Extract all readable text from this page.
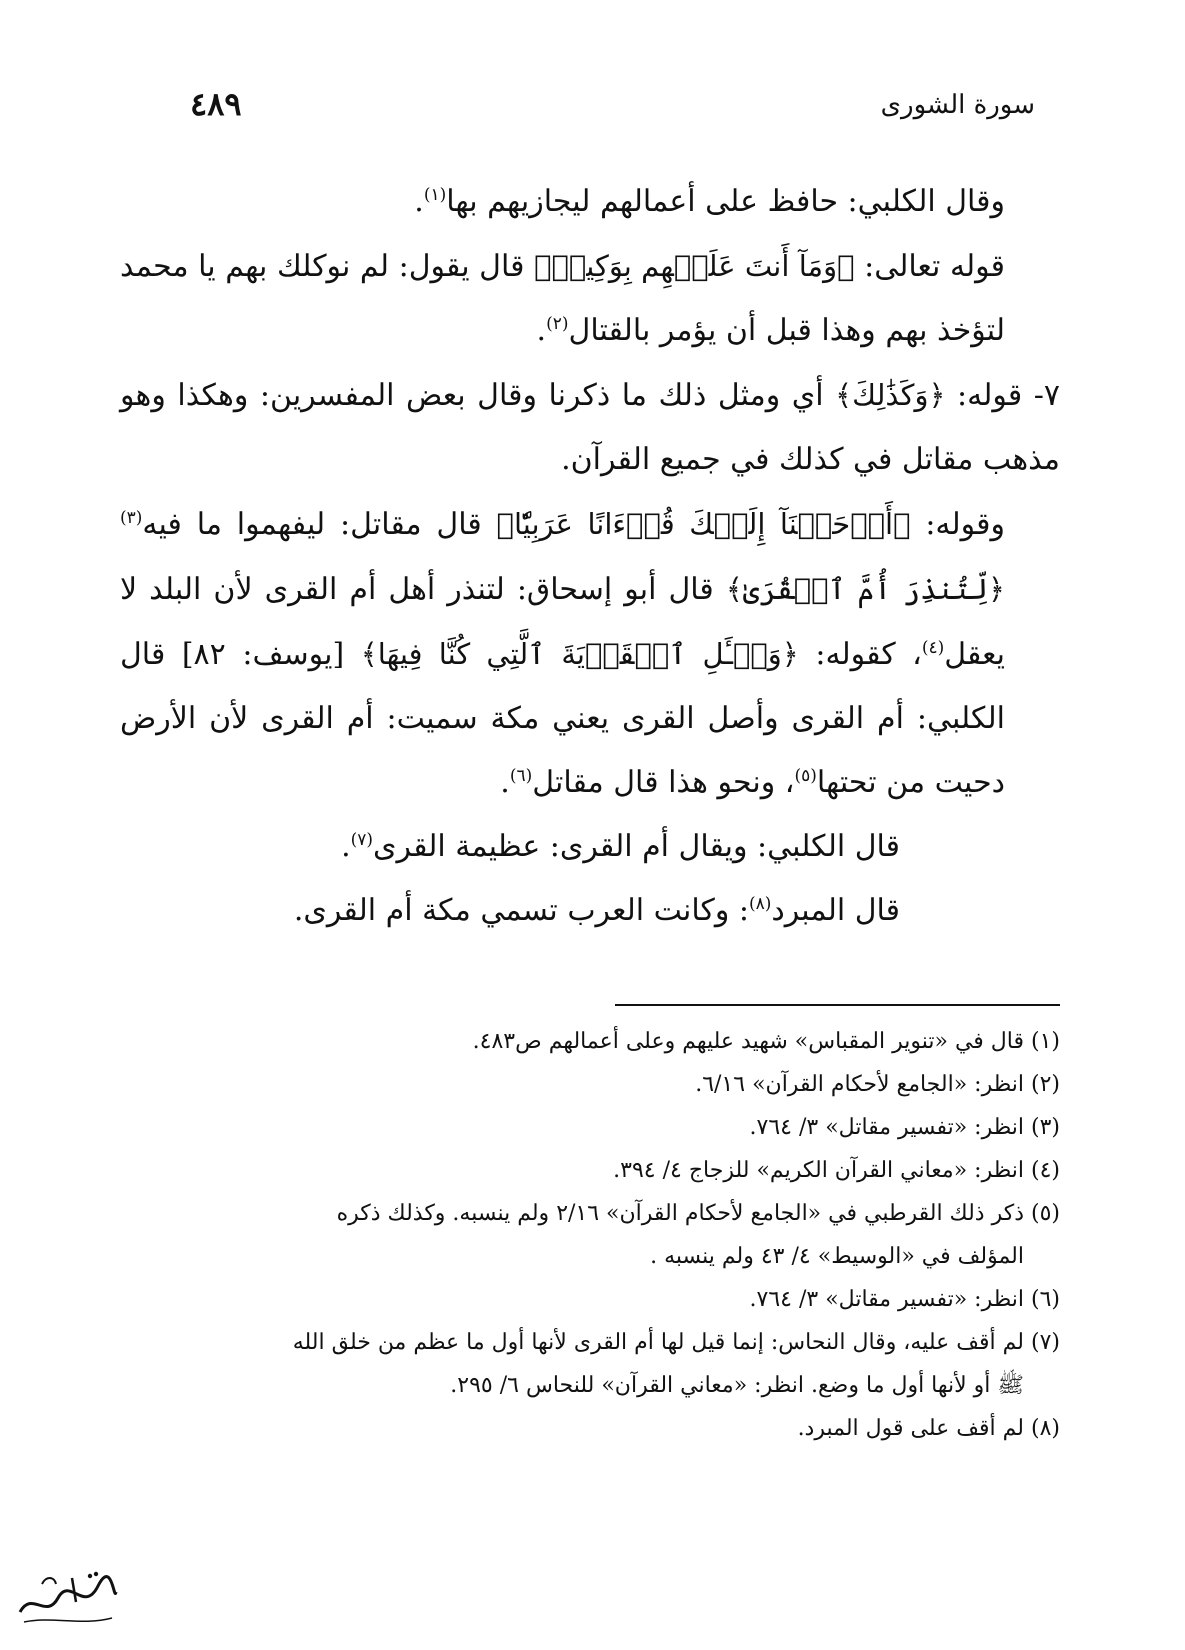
سورة الشورى
٤٨٩

وقال الكلبي: حافظ على أعمالهم ليجازيهم بها$^{(١)}$.

قوله تعالى: ﴿وَمَآ أَنتَ عَلَيۡهِم بِوَكِيلٖ﴾ قال يقول: لم نوكلك بهم يا محمد لتؤخذ بهم وهذا قبل أن يؤمر بالقتال$^{(٢)}$.

٧- قوله: ﴿وَكَذَٰلِكَ﴾ أي ومثل ذلك ما ذكرنا وقال بعض المفسرين: وهكذا وهو مذهب مقاتل في كذلك في جميع القرآن.

وقوله: ﴿أَوۡحَيۡنَآ إِلَيۡكَ قُرۡءَانًا عَرَبِيّٗا﴾ قال مقاتل: ليفهموا ما فيه$^{(٣)}$ ﴿لِّتُنذِرَ أُمَّ ٱلۡقُرَىٰ﴾ قال أبو إسحاق: لتنذر أهل أم القرى لأن البلد لا يعقل$^{(٤)}$، كقوله: ﴿وَسۡـَٔلِ ٱلۡقَرۡيَةَ ٱلَّتِي كُنَّا فِيهَا﴾ [يوسف: ٨٢] قال الكلبي: أم القرى وأصل القرى يعني مكة سميت: أم القرى لأن الأرض دحيت من تحتها$^{(٥)}$، ونحو هذا قال مقاتل$^{(٦)}$.

قال الكلبي: ويقال أم القرى: عظيمة القرى$^{(٧)}$.

قال المبرد$^{(٨)}$: وكانت العرب تسمي مكة أم القرى.

(١) قال في «تنوير المقباس» شهيد عليهم وعلى أعمالهم ص٤٨٣.

(٢) انظر: «الجامع لأحكام القرآن» ٦/١٦.

(٣) انظر: «تفسير مقاتل» ٣/ ٧٦٤.

(٤) انظر: «معاني القرآن الكريم» للزجاج ٤/ ٣٩٤.

(٥) ذكر ذلك القرطبي في «الجامع لأحكام القرآن» ٢/١٦ ولم ينسبه. وكذلك ذكره

المؤلف في «الوسيط» ٤/ ٤٣ ولم ينسبه .

(٦) انظر: «تفسير مقاتل» ٣/ ٧٦٤.

(٧) لم أقف عليه، وقال النحاس: إنما قيل لها أم القرى لأنها أول ما عظم من خلق الله

ﷺ أو لأنها أول ما وضع. انظر: «معاني القرآن» للنحاس ٦/ ٢٩٥.

(٨) لم أقف على قول المبرد.
